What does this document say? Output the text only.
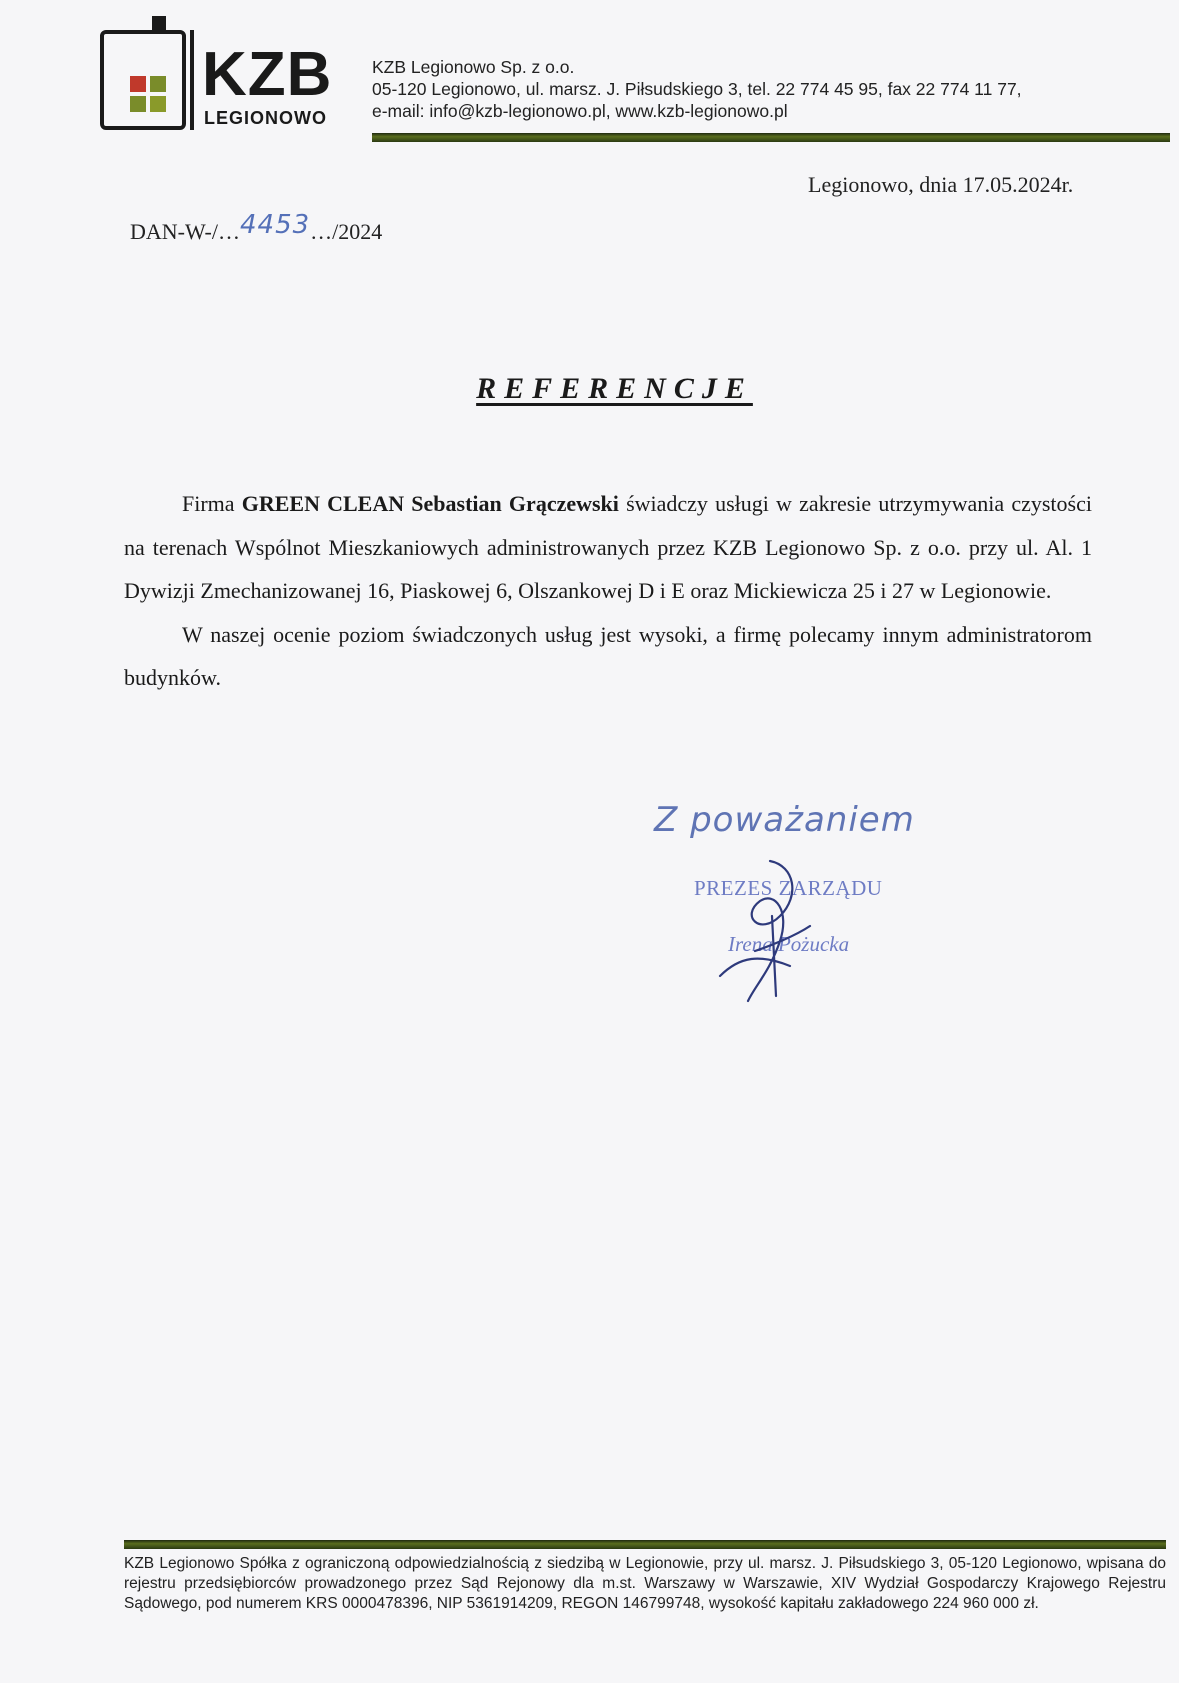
KZB
LEGIONOWO
KZB Legionowo Sp. z o.o.
05-120 Legionowo, ul. marsz. J. Piłsudskiego 3, tel. 22 774 45 95, fax 22 774 11 77,
e-mail: info@kzb-legionowo.pl, www.kzb-legionowo.pl
Legionowo, dnia 17.05.2024r.
DAN-W-/…4453…/2024
REFERENCJE

Firma GREEN CLEAN Sebastian Grączewski świadczy usługi w zakresie utrzymywania czystości na terenach Wspólnot Mieszkaniowych administrowanych przez KZB Legionowo Sp. z o.o. przy ul. Al. 1 Dywizji Zmechanizowanej 16, Piaskowej 6, Olszankowej D i E oraz Mickiewicza 25 i 27 w Legionowie.

W naszej ocenie poziom świadczonych usług jest wysoki, a firmę polecamy innym administratorom budynków.

Z poważaniem
PREZES ZARZĄDU
Irena Pożucka
KZB Legionowo Spółka z ograniczoną odpowiedzialnością z siedzibą w Legionowie, przy ul. marsz. J. Piłsudskiego 3, 05-120 Legionowo, wpisana do rejestru przedsiębiorców prowadzonego przez Sąd Rejonowy dla m.st. Warszawy w Warszawie, XIV Wydział Gospodarczy Krajowego Rejestru Sądowego, pod numerem KRS 0000478396, NIP 5361914209, REGON 146799748, wysokość kapitału zakładowego 224 960 000 zł.
